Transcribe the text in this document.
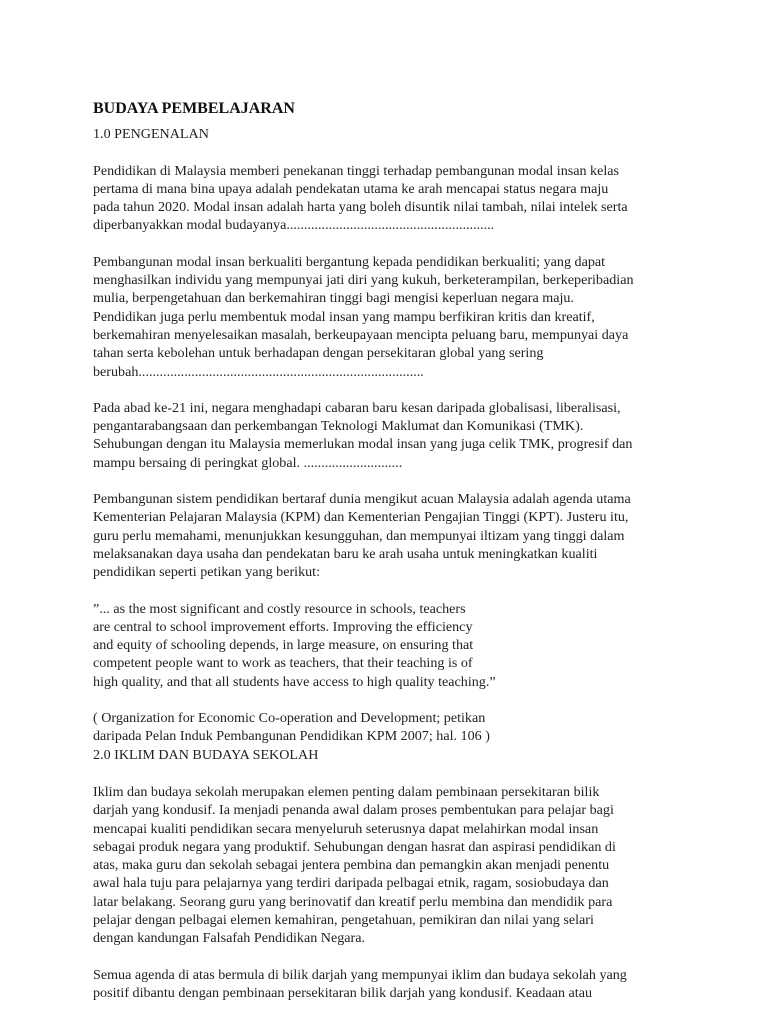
BUDAYA PEMBELAJARAN
1.0 PENGENALAN

Pendidikan di Malaysia memberi penekanan tinggi terhadap pembangunan modal insan kelas
pertama di mana bina upaya adalah pendekatan utama ke arah mencapai status negara maju
pada tahun 2020. Modal insan adalah harta yang boleh disuntik nilai tambah, nilai intelek serta
diperbanyakkan modal budayanya...........................................................

Pembangunan modal insan berkualiti bergantung kepada pendidikan berkualiti; yang dapat
menghasilkan individu yang mempunyai jati diri yang kukuh, berketerampilan, berkeperibadian
mulia, berpengetahuan dan berkemahiran tinggi bagi mengisi keperluan negara maju.
Pendidikan juga perlu membentuk modal insan yang mampu berfikiran kritis dan kreatif,
berkemahiran menyelesaikan masalah, berkeupayaan mencipta peluang baru, mempunyai daya
tahan serta kebolehan untuk berhadapan dengan persekitaran global yang sering
berubah.................................................................................

Pada abad ke-21 ini, negara menghadapi cabaran baru kesan daripada globalisasi, liberalisasi,
pengantarabangsaan dan perkembangan Teknologi Maklumat dan Komunikasi (TMK).
Sehubungan dengan itu Malaysia memerlukan modal insan yang juga celik TMK, progresif dan
mampu bersaing di peringkat global. ............................

Pembangunan sistem pendidikan bertaraf dunia mengikut acuan Malaysia adalah agenda utama
Kementerian Pelajaran Malaysia (KPM) dan Kementerian Pengajian Tinggi (KPT). Justeru itu,
guru perlu memahami, menunjukkan kesungguhan, dan mempunyai iltizam yang tinggi dalam
melaksanakan daya usaha dan pendekatan baru ke arah usaha untuk meningkatkan kualiti
pendidikan seperti petikan yang berikut:

”... as the most significant and costly resource in schools, teachers
are central to school improvement efforts. Improving the efficiency
and equity of schooling depends, in large measure, on ensuring that
competent people want to work as teachers, that their teaching is of
high quality, and that all students have access to high quality teaching.”

( Organization for Economic Co-operation and Development; petikan
daripada Pelan Induk Pembangunan Pendidikan KPM 2007; hal. 106 )

2.0 IKLIM DAN BUDAYA SEKOLAH

Iklim dan budaya sekolah merupakan elemen penting dalam pembinaan persekitaran bilik
darjah yang kondusif. Ia menjadi penanda awal dalam proses pembentukan para pelajar bagi
mencapai kualiti pendidikan secara menyeluruh seterusnya dapat melahirkan modal insan
sebagai produk negara yang produktif. Sehubungan dengan hasrat dan aspirasi pendidikan di
atas, maka guru dan sekolah sebagai jentera pembina dan pemangkin akan menjadi penentu
awal hala tuju para pelajarnya yang terdiri daripada pelbagai etnik, ragam, sosiobudaya dan
latar belakang. Seorang guru yang berinovatif dan kreatif perlu membina dan mendidik para
pelajar dengan pelbagai elemen kemahiran, pengetahuan, pemikiran dan nilai yang selari
dengan kandungan Falsafah Pendidikan Negara.

Semua agenda di atas bermula di bilik darjah yang mempunyai iklim dan budaya sekolah yang
positif dibantu dengan pembinaan persekitaran bilik darjah yang kondusif. Keadaan atau
